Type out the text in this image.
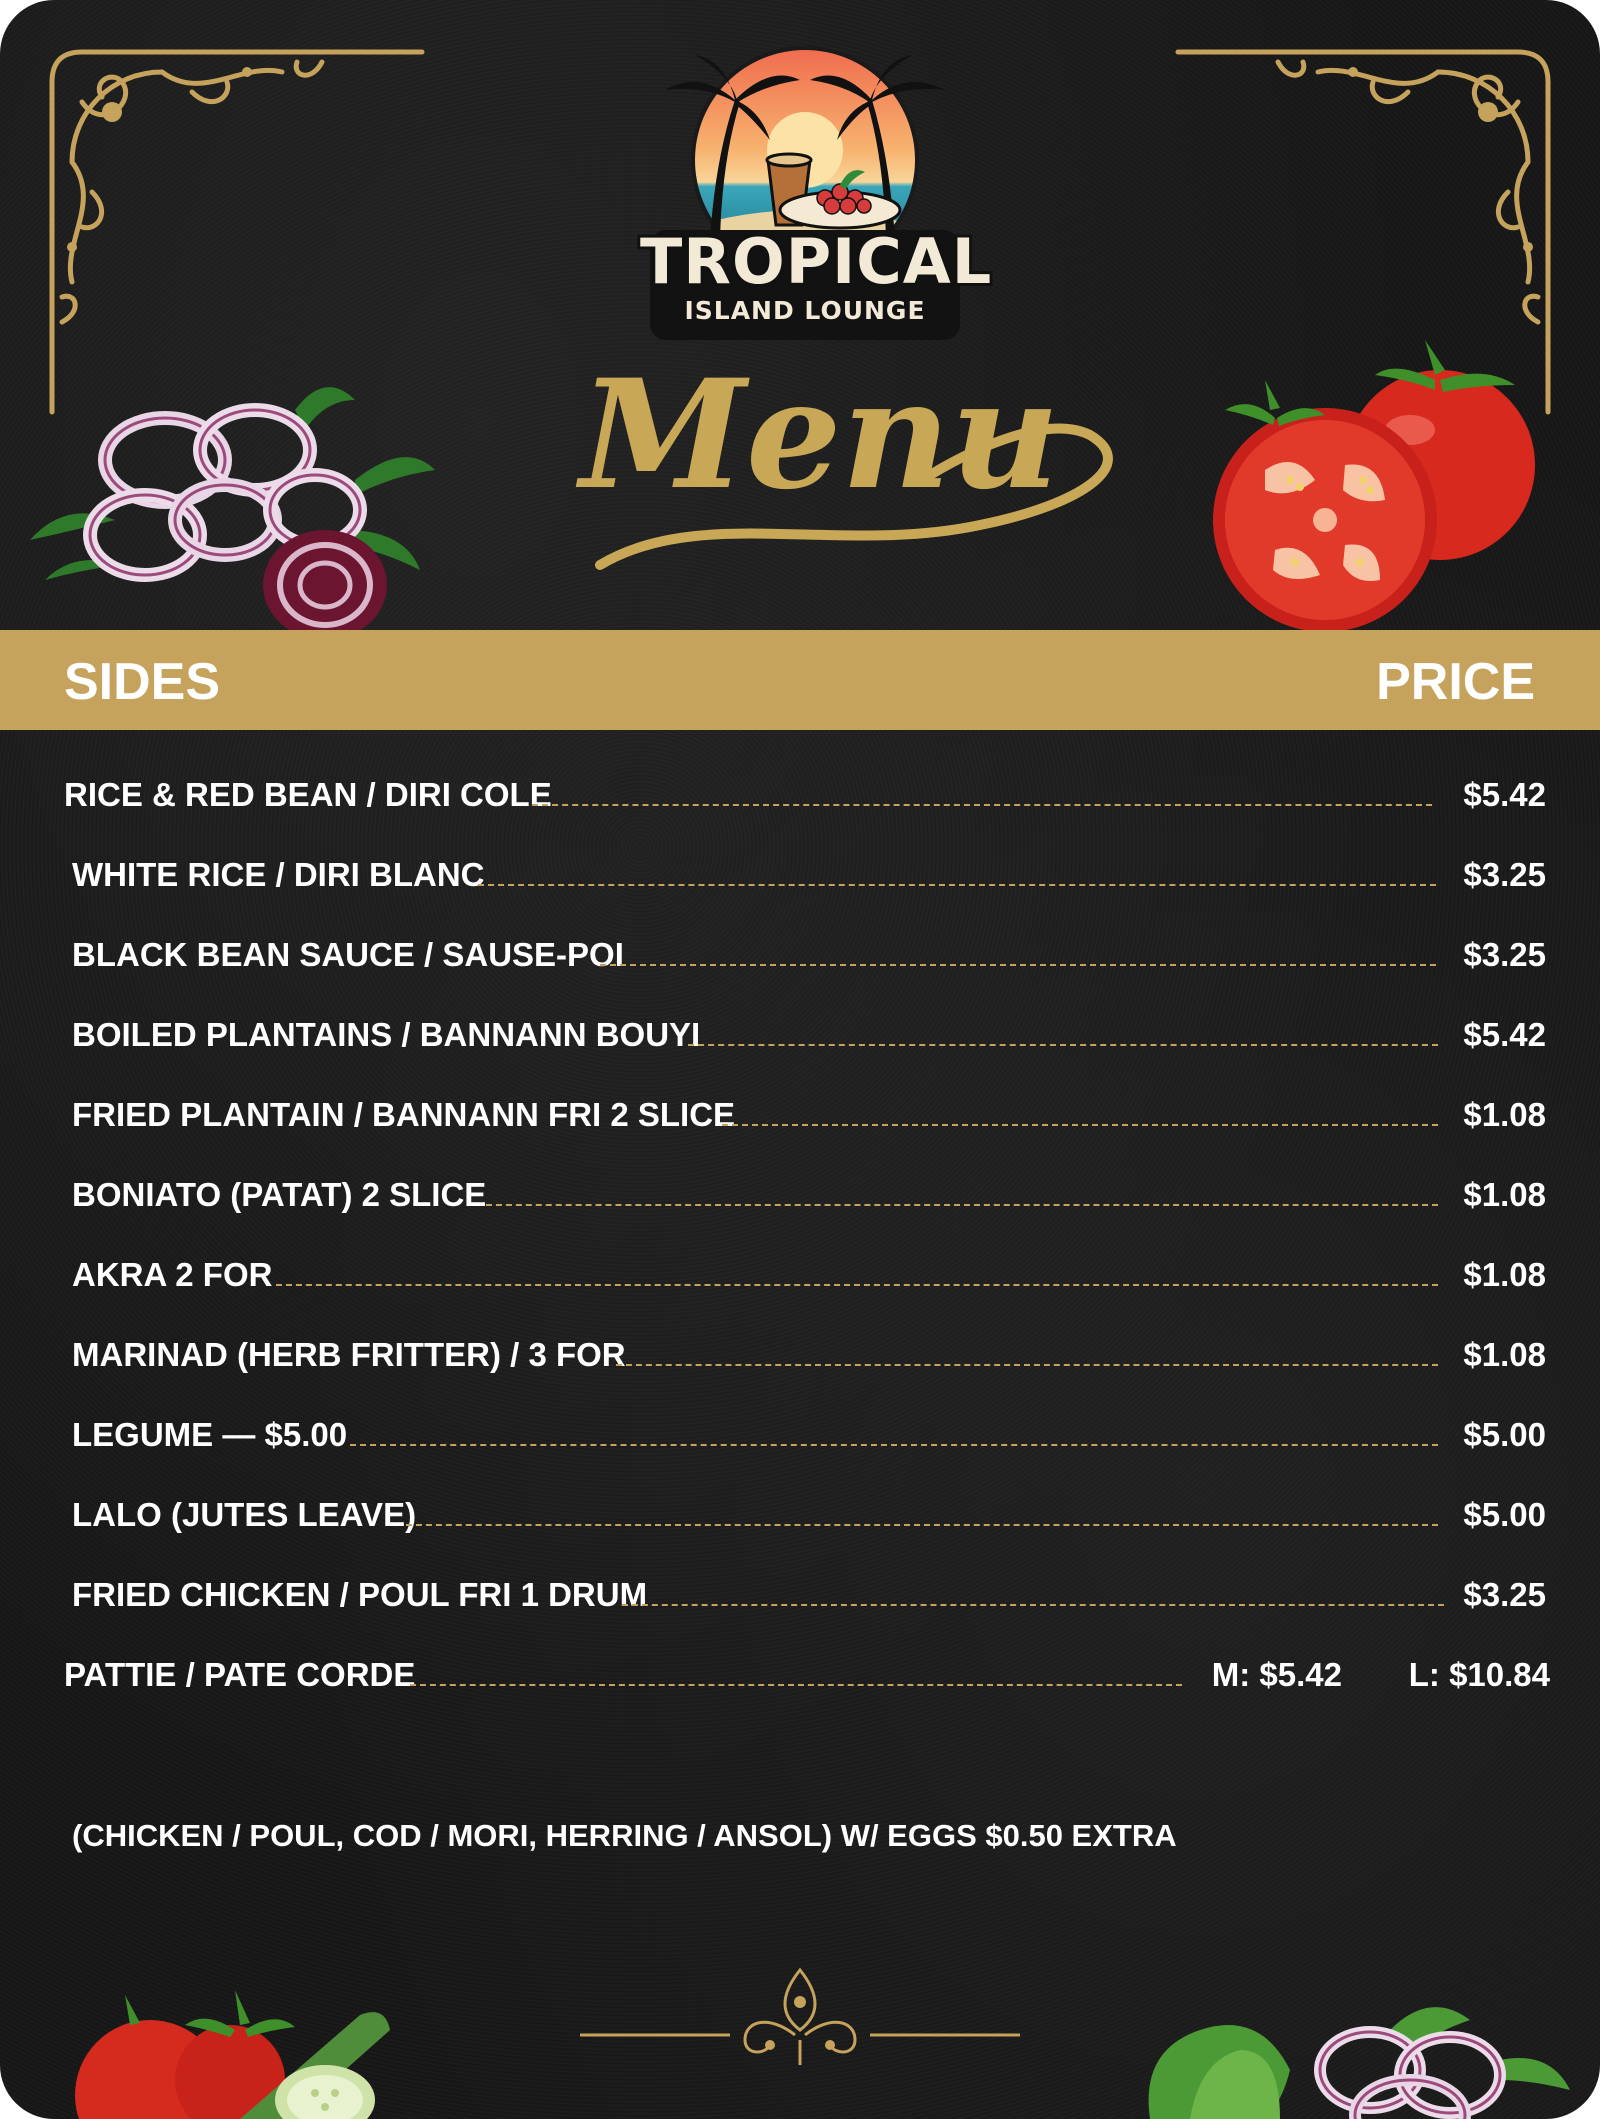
TROPICAL
ISLAND LOUNGE
Menu
SIDES	PRICE
RICE & RED BEAN / DIRI COLE	$5.42
WHITE RICE / DIRI BLANC	$3.25
BLACK BEAN SAUCE / SAUSE-POI	$3.25
BOILED PLANTAINS / BANNANN BOUYI	$5.42
FRIED PLANTAIN / BANNANN FRI 2 SLICE	$1.08
BONIATO (PATAT) 2 SLICE	$1.08
AKRA 2 FOR	$1.08
MARINAD (HERB FRITTER) / 3 FOR	$1.08
LEGUME — $5.00	$5.00
LALO (JUTES LEAVE)	$5.00
FRIED CHICKEN / POUL FRI 1 DRUM	$3.25
PATTIE / PATE CORDE	M: $5.42 L: $10.84
(CHICKEN / POUL, COD / MORI, HERRING / ANSOL) W/ EGGS $0.50 EXTRA
